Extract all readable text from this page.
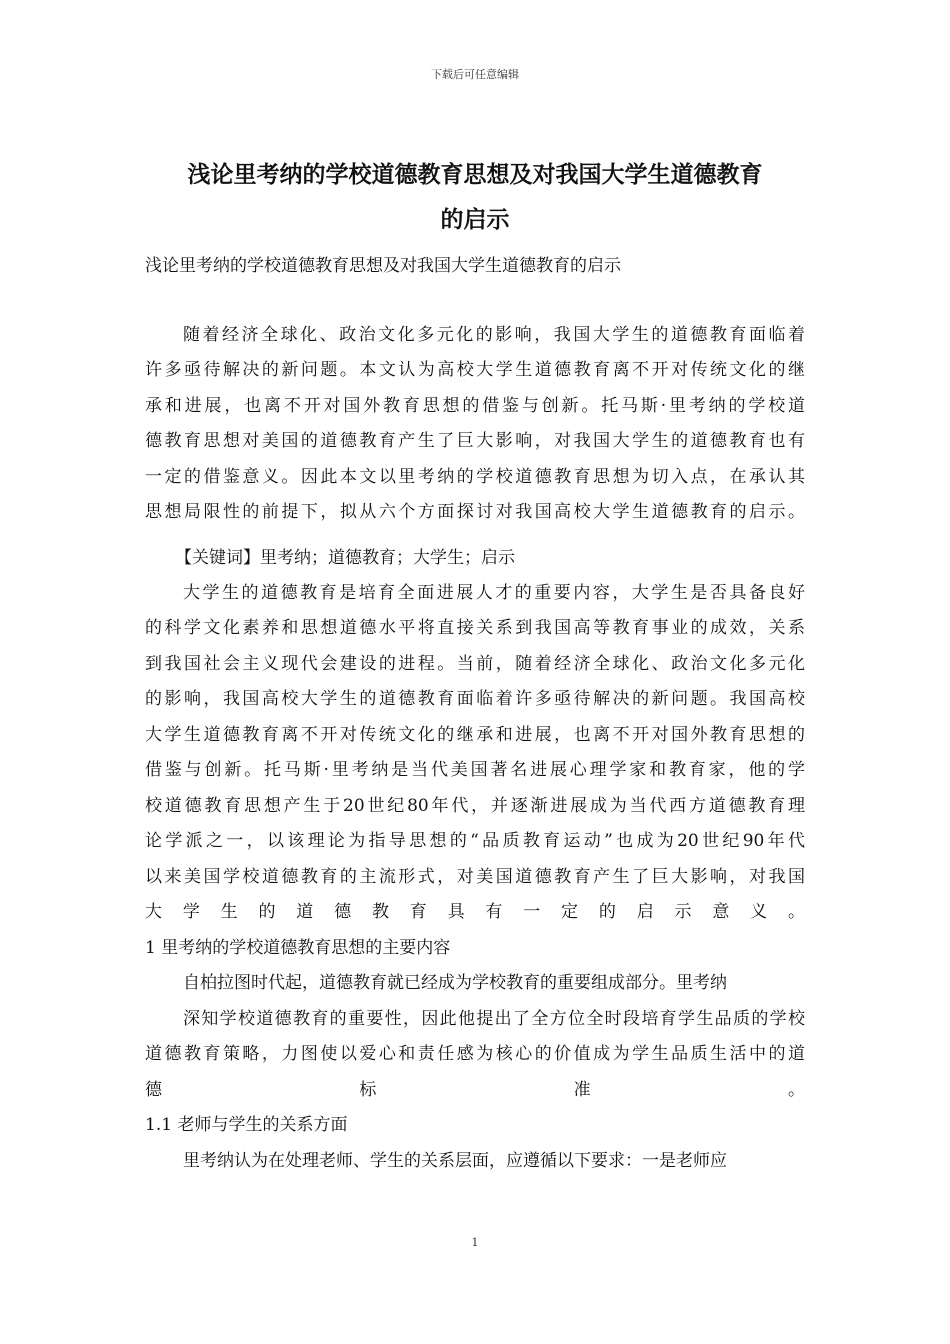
下载后可任意编辑
浅论里考纳的学校道德教育思想及对我国大学生道德教育
的启示
浅论里考纳的学校道德教育思想及对我国大学生道德教育的启示
随着经济全球化、政治文化多元化的影响，我国大学生的道德教育面临着
许多亟待解决的新问题。本文认为高校大学生道德教育离不开对传统文化的继
承和进展，也离不开对国外教育思想的借鉴与创新。托马斯·里考纳的学校道
德教育思想对美国的道德教育产生了巨大影响，对我国大学生的道德教育也有
一定的借鉴意义。因此本文以里考纳的学校道德教育思想为切入点，在承认其
思想局限性的前提下，拟从六个方面探讨对我国高校大学生道德教育的启示。
【关键词】里考纳；道德教育；大学生；启示
大学生的道德教育是培育全面进展人才的重要内容，大学生是否具备良好
的科学文化素养和思想道德水平将直接关系到我国高等教育事业的成效，关系
到我国社会主义现代会建设的进程。当前，随着经济全球化、政治文化多元化
的影响，我国高校大学生的道德教育面临着许多亟待解决的新问题。我国高校
大学生道德教育离不开对传统文化的继承和进展，也离不开对国外教育思想的
借鉴与创新。托马斯·里考纳是当代美国著名进展心理学家和教育家，他的学
校道德教育思想产生于20世纪80年代，并逐渐进展成为当代西方道德教育理
论学派之一，以该理论为指导思想的“品质教育运动”也成为20世纪90年代
以来美国学校道德教育的主流形式，对美国道德教育产生了巨大影响，对我国
大学生的道德教育具有一定的启示意义。
1 里考纳的学校道德教育思想的主要内容
自柏拉图时代起，道德教育就已经成为学校教育的重要组成部分。里考纳
深知学校道德教育的重要性，因此他提出了全方位全时段培育学生品质的学校
道德教育策略，力图使以爱心和责任感为核心的价值成为学生品质生活中的道
德标准。
1.1 老师与学生的关系方面
里考纳认为在处理老师、学生的关系层面，应遵循以下要求：一是老师应
1
